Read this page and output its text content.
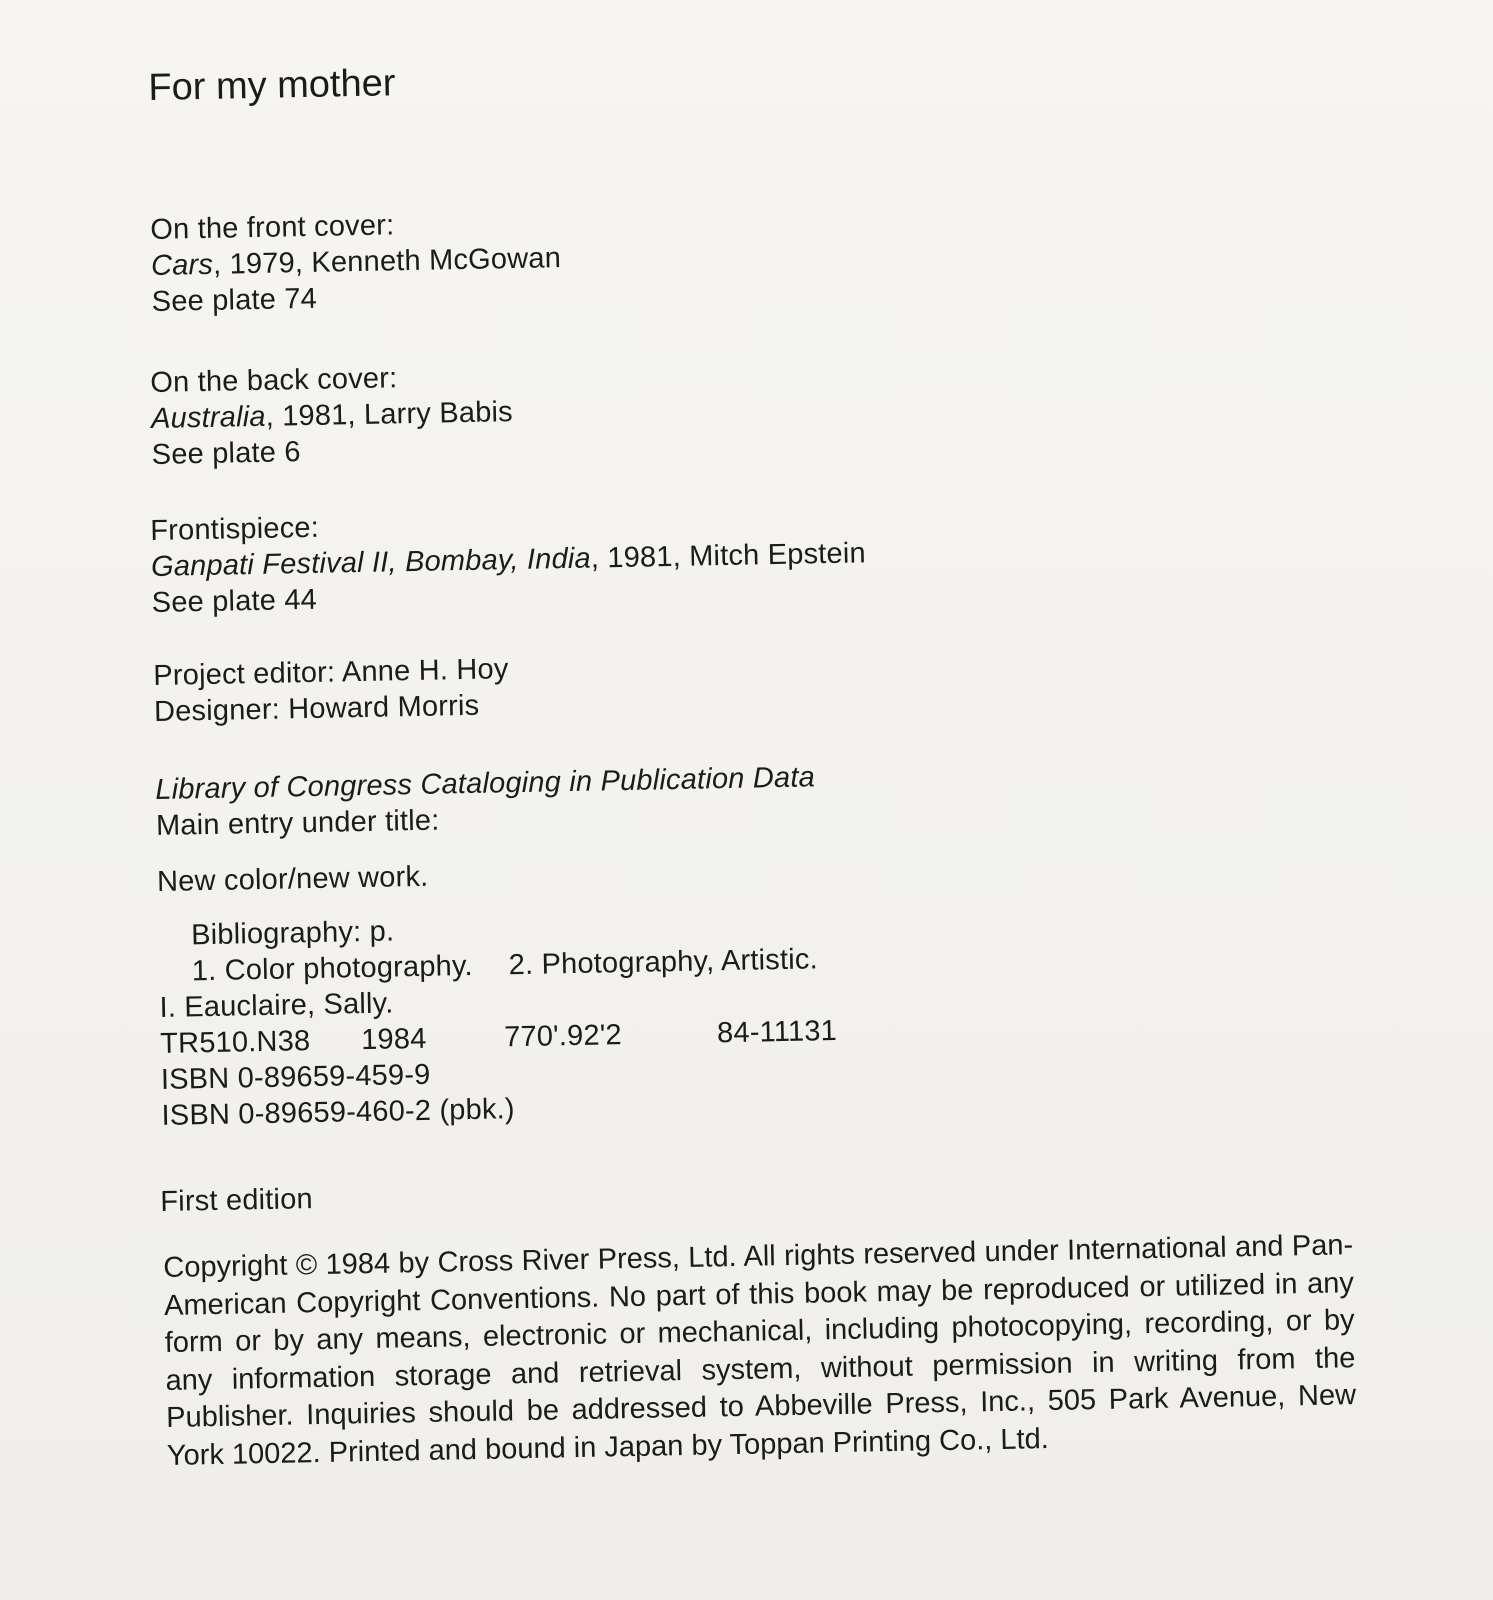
For my mother
On the front cover:
Cars, 1979, Kenneth McGowan
See plate 74
On the back cover:
Australia, 1981, Larry Babis
See plate 6
Frontispiece:
Ganpati Festival II, Bombay, India, 1981, Mitch Epstein
See plate 44
Project editor: Anne H. Hoy
Designer: Howard Morris
Library of Congress Cataloging in Publication Data
Main entry under title:
New color/new work.
Bibliography: p.
1. Color photography. 2. Photography, Artistic.
I. Eauclaire, Sally.
TR510.N38 1984	770'.92'2	84-11131
ISBN 0-89659-459-9
ISBN 0-89659-460-2 (pbk.)
First edition
Copyright © 1984 by Cross River Press, Ltd. All rights reserved under International and Pan-American Copyright Conventions. No part of this book may be reproduced or utilized in any form or by any means, electronic or mechanical, including photocopying, recording, or by any information storage and retrieval system, without permission in writing from the Publisher. Inquiries should be addressed to Abbeville Press, Inc., 505 Park Avenue, New York 10022. Printed and bound in Japan by Toppan Printing Co., Ltd.
